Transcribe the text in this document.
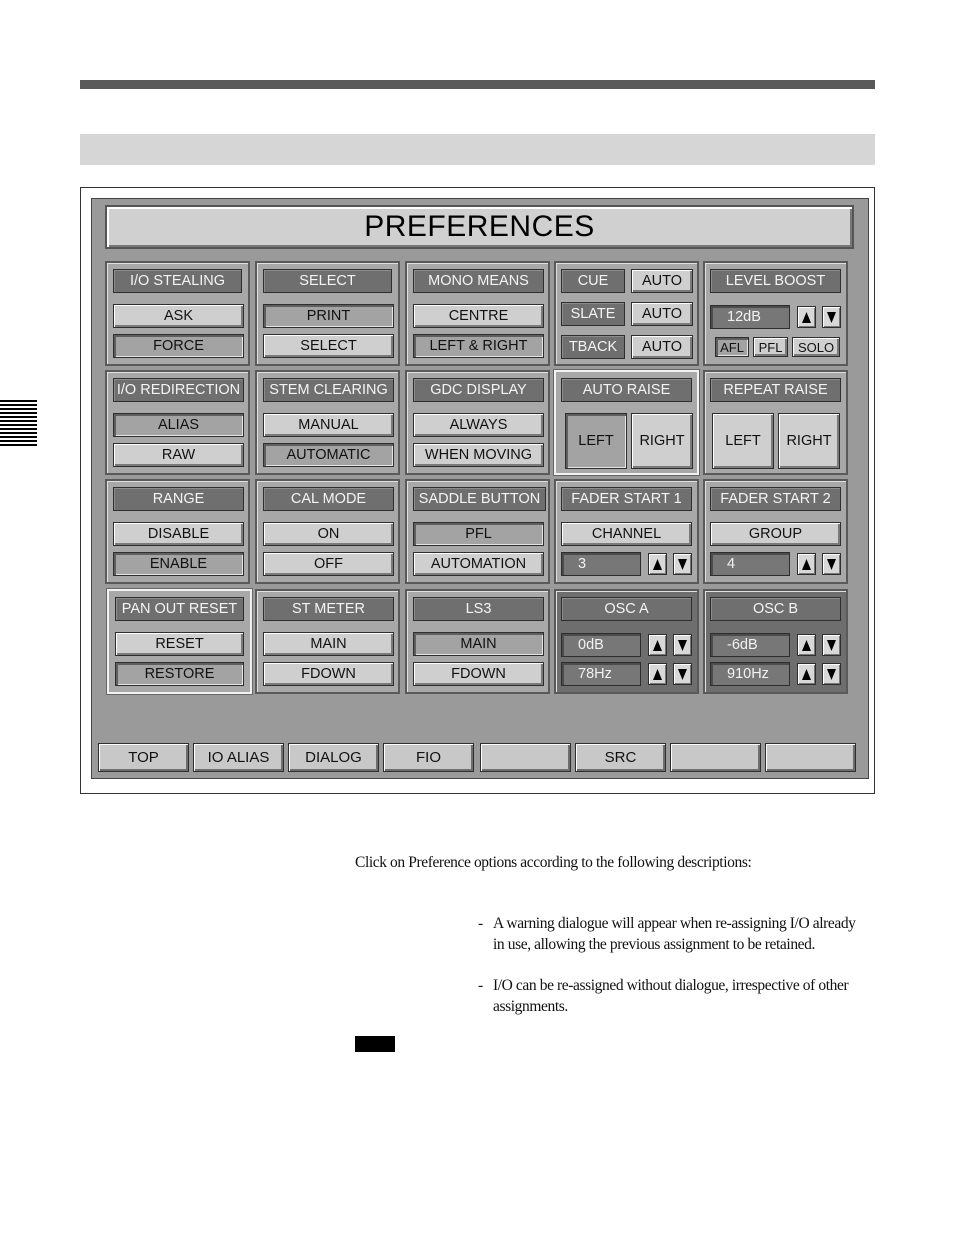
PREFERENCES
I/O STEALING
ASK
FORCE
SELECT
PRINT
SELECT
MONO MEANS
CENTRE
LEFT & RIGHT
CUE	AUTO
SLATE	AUTO
TBACK	AUTO
LEVEL BOOST
12dB
AFL	PFL	SOLO
I/O REDIRECTION
ALIAS
RAW
STEM CLEARING
MANUAL
AUTOMATIC
GDC DISPLAY
ALWAYS
WHEN MOVING
AUTO RAISE
LEFT	RIGHT
REPEAT RAISE
LEFT	RIGHT
RANGE
DISABLE
ENABLE
CAL MODE
ON
OFF
SADDLE BUTTON
PFL
AUTOMATION
FADER START 1
CHANNEL
3
FADER START 2
GROUP
4
PAN OUT RESET
RESET
RESTORE
ST METER
MAIN
FDOWN
LS3
MAIN
FDOWN
OSC A
0dB
78Hz
OSC B
-6dB
910Hz
TOP	IO ALIAS	DIALOG	FIO	SRC
Click on Preference options according to the following descriptions:
- A warning dialogue will appear when re-assigning I/O already in use, allowing the previous assignment to be retained.
- I/O can be re-assigned without dialogue, irrespective of other assignments.
